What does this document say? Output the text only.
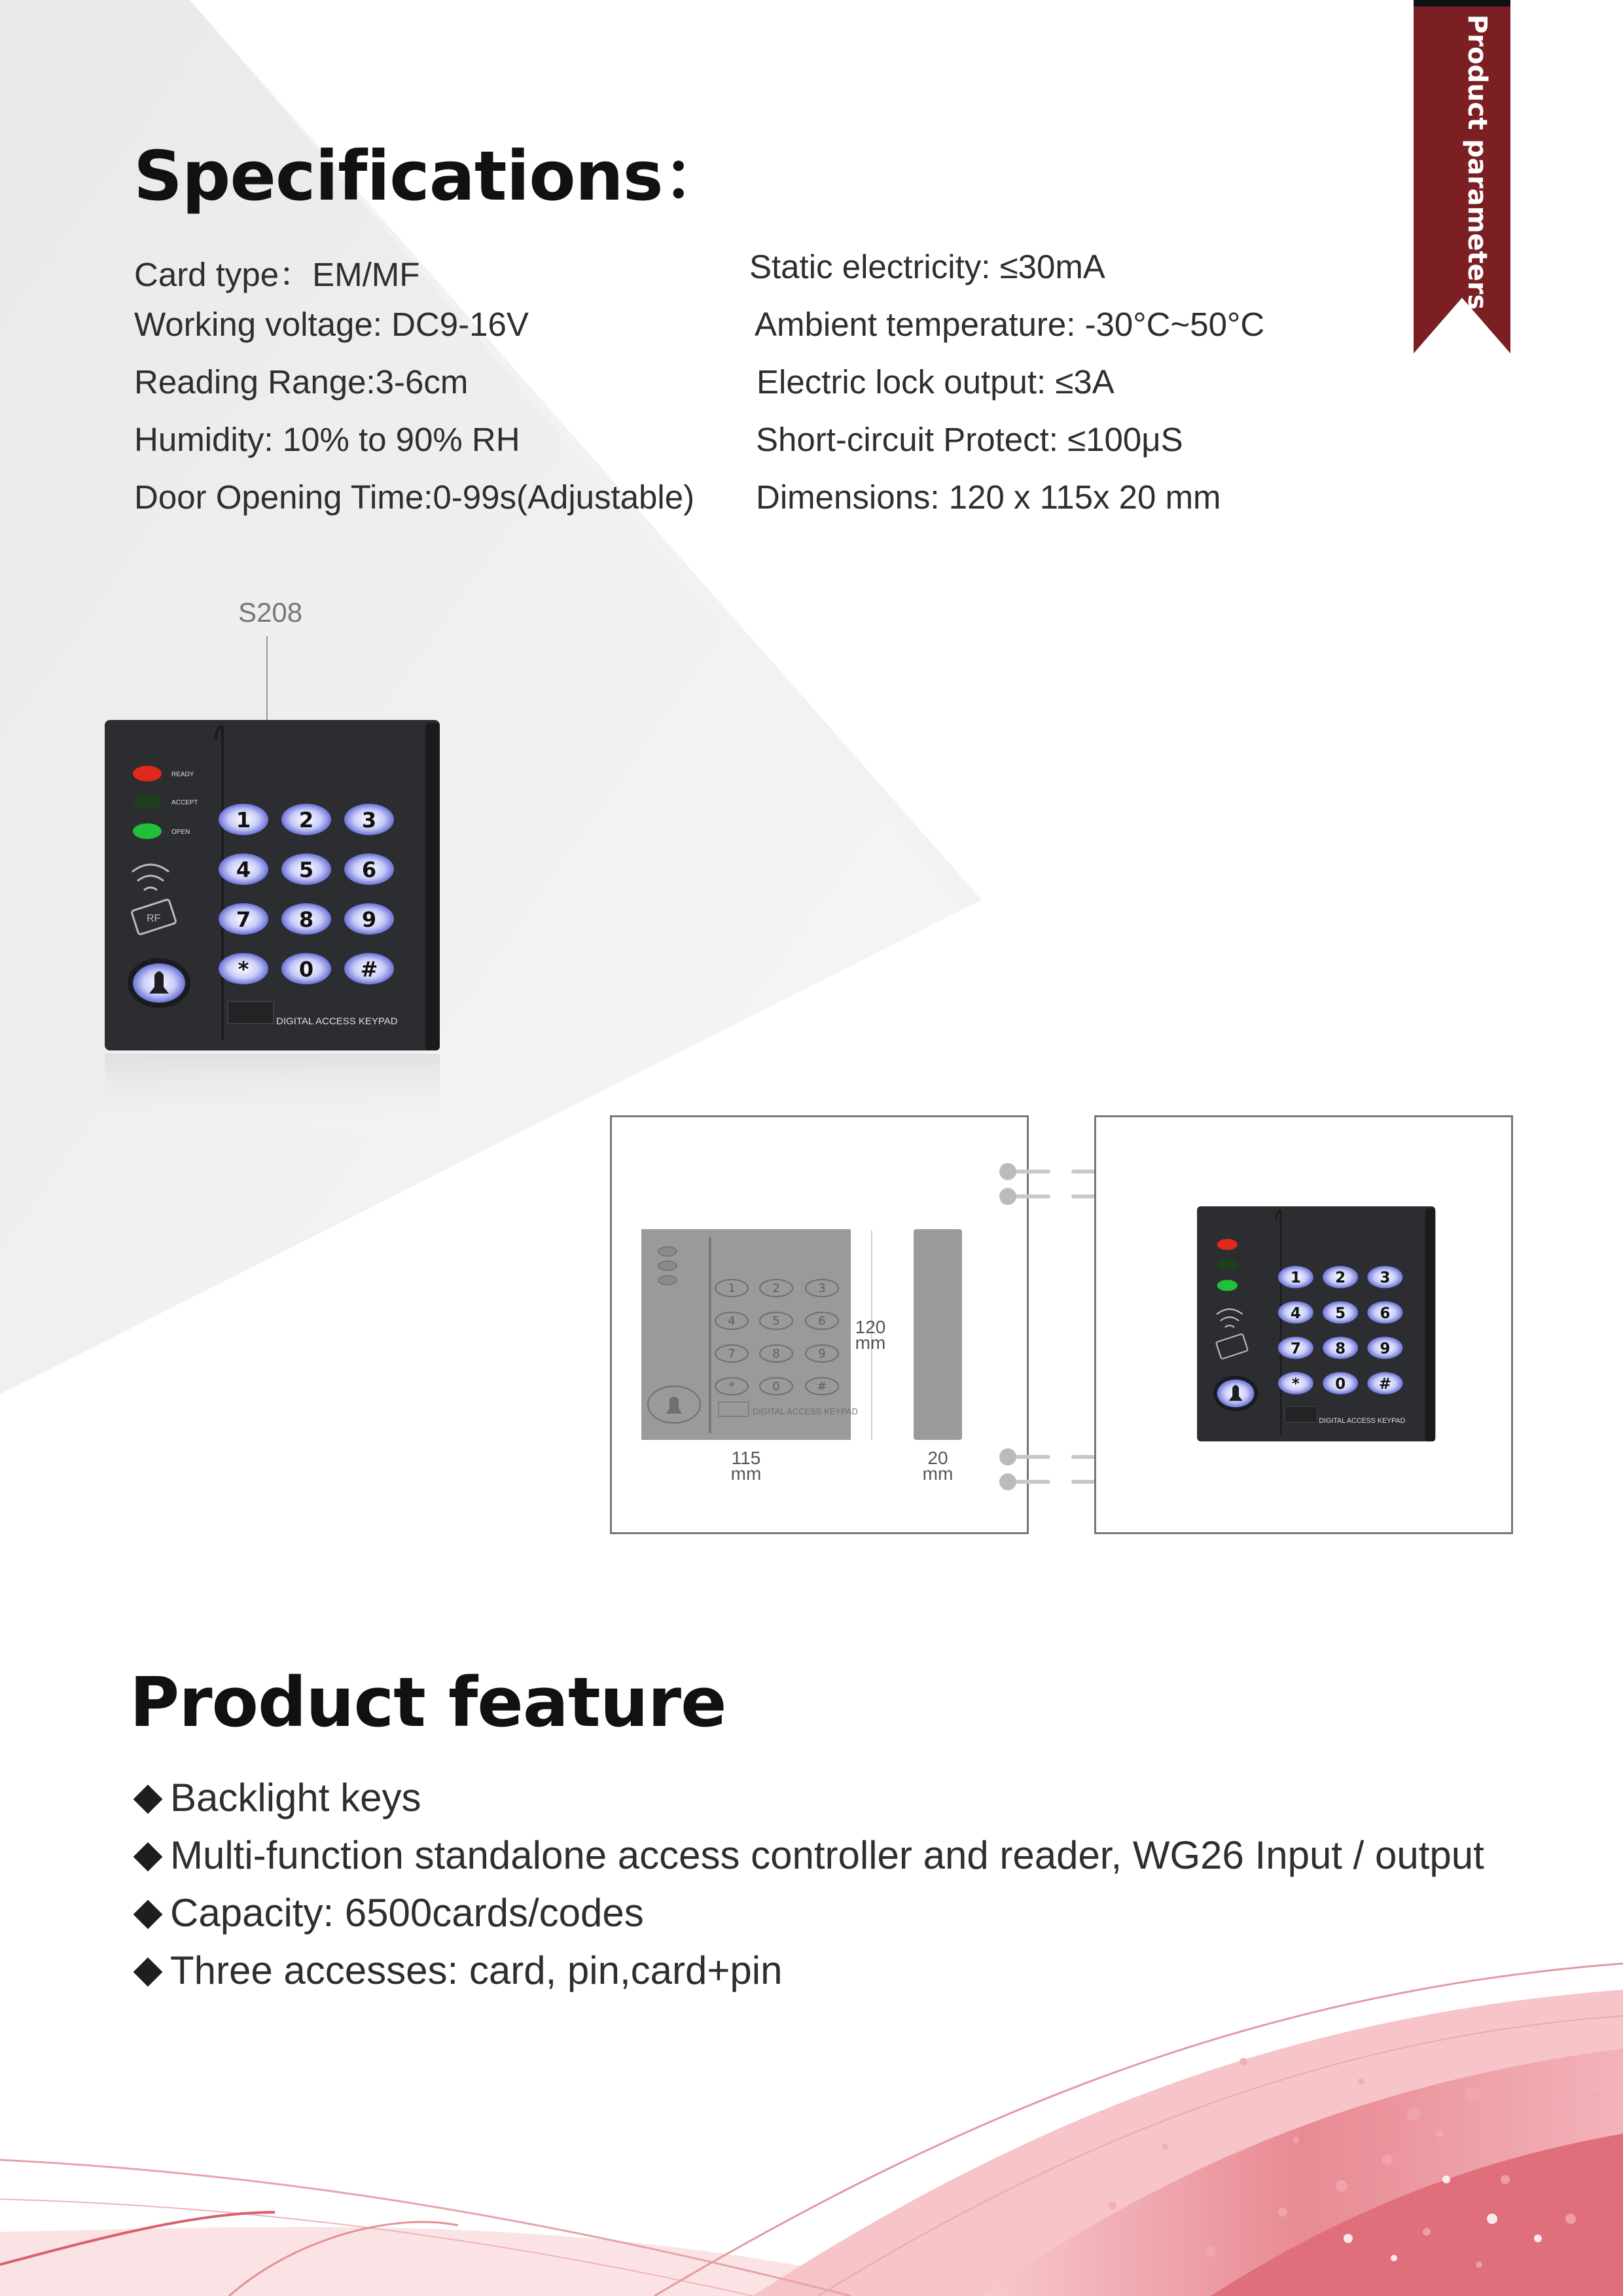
Product parameters
Specifications：
Card type：EM/MF
Working voltage: DC9-16V
Reading Range:3-6cm
Humidity: 10% to 90% RH
Door Opening Time:0-99s(Adjustable)
Static electricity: ≤30mA
Ambient temperature: -30°C~50°C
Electric lock output: ≤3A
Short-circuit Protect: ≤100μS
Dimensions: 120 x 115x 20 mm
S208
READY
ACCEPT
OPEN
RF
1 2 3
4 5 6
7 8 9
* 0 #
DIGITAL ACCESS KEYPAD
1	2	3
4	5	6
7	8	9
*	0	#
DIGITAL ACCESS KEYPAD
120
mm
115
mm
20
mm
1 2 3
4 5 6
7 8 9
* 0 #
DIGITAL ACCESS KEYPAD
Product feature
Backlight keys
Multi-function standalone access controller and reader, WG26 Input / output
Capacity: 6500cards/codes
Three accesses: card, pin,card+pin
